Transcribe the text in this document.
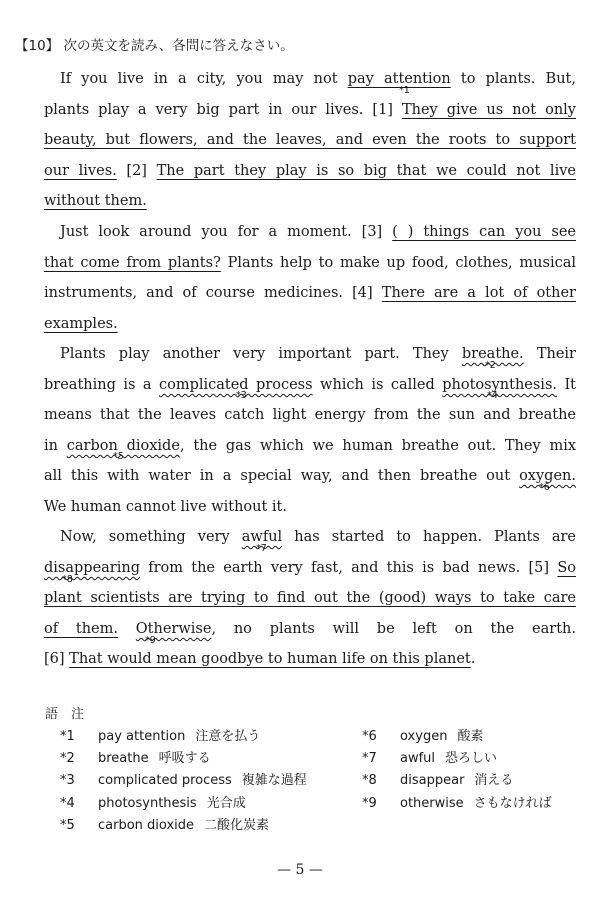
【10】 次の英文を読み、各問に答えなさい。
If you live in a city, you may not pay attention to plants. But,
plants play a very big part in our lives. [1] They give us not only
beauty, but flowers, and the leaves, and even the roots to support
our lives. [2] The part they play is so big that we could not live
without them.
Just look around you for a moment. [3] ( ) things can you see
that come from plants? Plants help to make up food, clothes, musical
instruments, and of course medicines. [4] There are a lot of other
examples.
Plants play another very important part. They breathe. Their
breathing is a complicated process which is called photosynthesis. It
means that the leaves catch light energy from the sun and breathe
in carbon dioxide, the gas which we human breathe out. They mix
all this with water in a special way, and then breathe out oxygen.
We human cannot live without it.
Now, something very awful has started to happen. Plants are
disappearing from the earth very fast, and this is bad news. [5] So
plant scientists are trying to find out the (good) ways to take care
of them. Otherwise, no plants will be left on the earth.
[6] That would mean goodbye to human life on this planet.
*1
*2
*3	*4
*5
*6
*7
*8
*9
語　注
*1 pay attention 注意を払う
*2 breathe 呼吸する
*3 complicated process 複雑な過程
*4 photosynthesis 光合成
*5 carbon dioxide 二酸化炭素
*6 oxygen 酸素
*7 awful 恐ろしい
*8 disappear 消える
*9 otherwise さもなければ
— 5 —
